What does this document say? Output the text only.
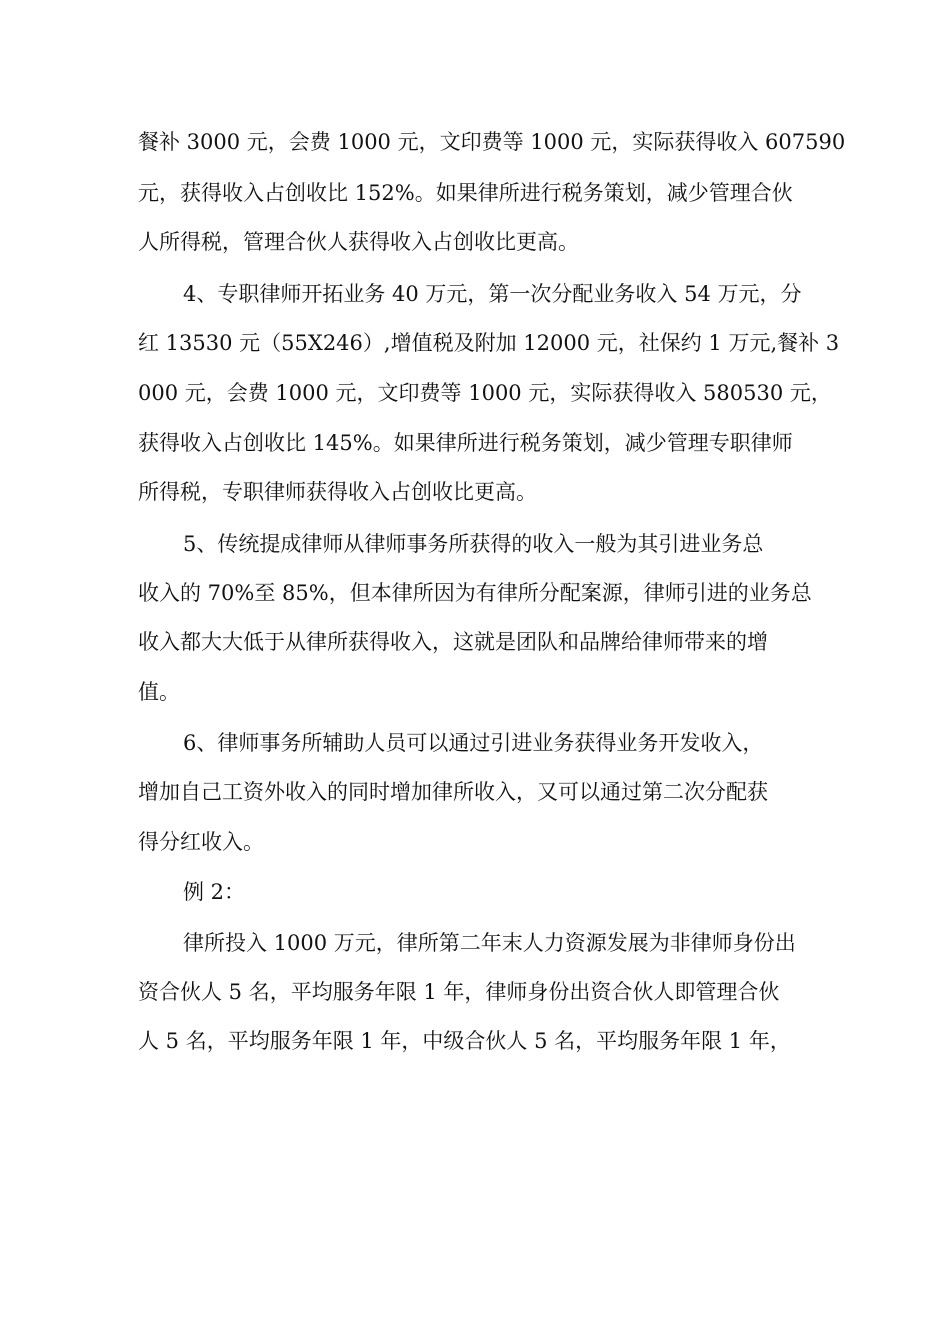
餐补 3000 元，会费 1000 元，文印费等 1000 元，实际获得收入 607590
元，获得收入占创收比 152%。如果律所进行税务策划，减少管理合伙
人所得税，管理合伙人获得收入占创收比更高。
4、专职律师开拓业务 40 万元，第一次分配业务收入 54 万元，分
红 13530 元（55X246）,增值税及附加 12000 元，社保约 1 万元,餐补 3
000 元，会费 1000 元，文印费等 1000 元，实际获得收入 580530 元，
获得收入占创收比 145%。如果律所进行税务策划，减少管理专职律师
所得税，专职律师获得收入占创收比更高。
5、传统提成律师从律师事务所获得的收入一般为其引进业务总
收入的 70%至 85%，但本律所因为有律所分配案源，律师引进的业务总
收入都大大低于从律所获得收入，这就是团队和品牌给律师带来的增
值。
6、律师事务所辅助人员可以通过引进业务获得业务开发收入，
增加自己工资外收入的同时增加律所收入，又可以通过第二次分配获
得分红收入。
例 2：
律所投入 1000 万元，律所第二年末人力资源发展为非律师身份出
资合伙人 5 名，平均服务年限 1 年，律师身份出资合伙人即管理合伙
人 5 名，平均服务年限 1 年，中级合伙人 5 名，平均服务年限 1 年，
